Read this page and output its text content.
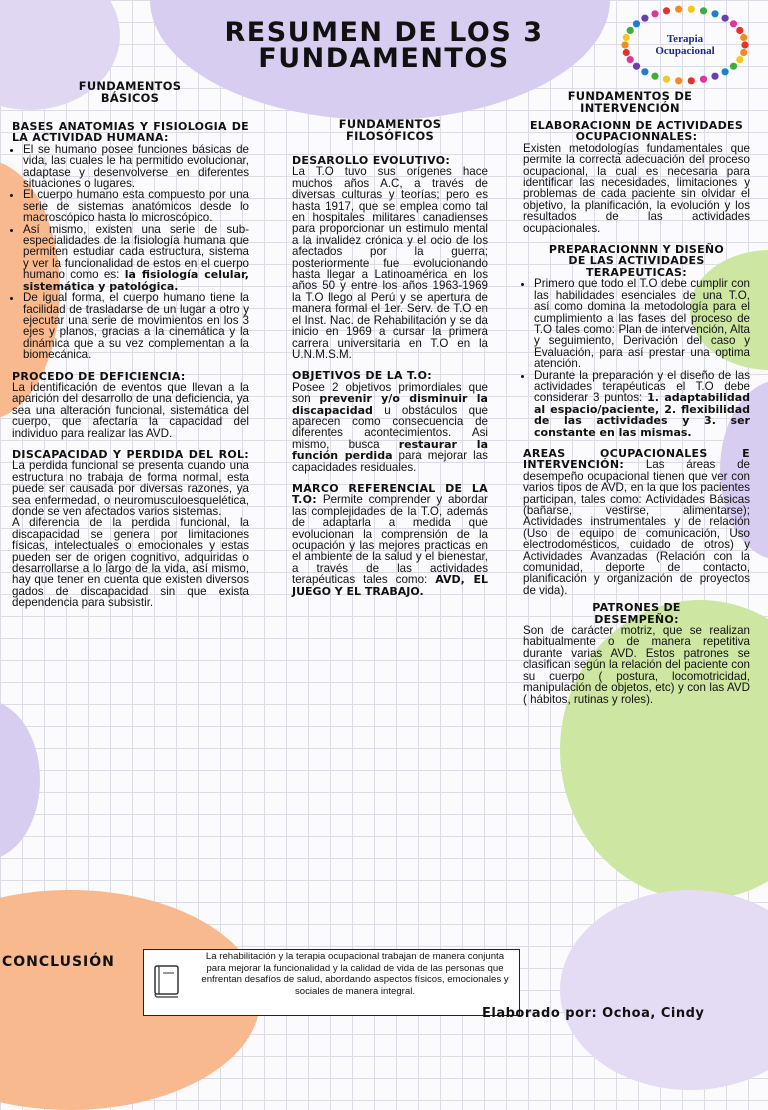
RESUMEN DE LOS 3
FUNDAMENTOS
Terapia
Ocupacional
FUNDAMENTOS
BÁSICOS
FUNDAMENTOS
FILOSÓFICOS
FUNDAMENTOS DE
INTERVENCIÓN

BASES ANATOMIAS Y FISIOLOGIA DE LA ACTIVIDAD HUMANA:

• El se humano posee funciones básicas de vida, las cuales le ha permitido evolucionar, adaptase y desenvolverse en diferentes situaciones o lugares.
• El cuerpo humano esta compuesto por una serie de sistemas anatómicos desde lo macroscópico hasta lo microscópico.
• Así mismo, existen una serie de sub-especialidades de la fisiología humana que permiten estudiar cada estructura, sistema y ver la funcionalidad de estos en el cuerpo humano como es: la fisiología celular, sistemática y patológica.
• De igual forma, el cuerpo humano tiene la facilidad de trasladarse de un lugar a otro y ejecutar una serie de movimientos en los 3 ejes y planos, gracias a la cinemática y la dinámica que a su vez complementan a la biomecánica.

PROCEDO DE DEFICIENCIA:

La identificación de eventos que llevan a la aparición del desarrollo de una deficiencia, ya sea una alteración funcional, sistemática del cuerpo, que afectaría la capacidad del individuo para realizar las AVD.

DISCAPACIDAD Y PERDIDA DEL ROL: La perdida funcional se presenta cuando una estructura no trabaja de forma normal, esta puede ser causada por diversas razones, ya sea enfermedad, o neuromusculoesquelética, donde se ven afectados varios sistemas.

A diferencia de la perdida funcional, la discapacidad se genera por limitaciones físicas, intelectuales o emocionales y estas pueden ser de origen cognitivo, adquiridas o desarrollarse a lo largo de la vida, así mismo, hay que tener en cuenta que existen diversos gados de discapacidad sin que exista dependencia para subsistir.

DESAROLLO EVOLUTIVO:

La T.O tuvo sus orígenes hace muchos años A.C, a través de diversas culturas y teorías; pero es hasta 1917, que se emplea como tal en hospitales militares canadienses para proporcionar un estimulo mental a la invalidez crónica y el ocio de los afectados por la guerra; posteriormente fue evolucionando hasta llegar a Latinoamérica en los años 50 y entre los años 1963-1969 la T.O llego al Perú y se apertura de manera formal el 1er. Serv. de T.O en el Inst. Nac. de Rehabilitación y se da inicio en 1969 a cursar la primera carrera universitaria en T.O en la U.N.M.S.M.

OBJETIVOS DE LA T.O:

Posee 2 objetivos primordiales que son prevenir y/o disminuir la discapacidad u obstáculos que aparecen como consecuencia de diferentes acontecimientos. Asi mismo, busca restaurar la función perdida para mejorar las capacidades residuales.

MARCO REFERENCIAL DE LA T.O: Permite comprender y abordar las complejidades de la T.O, además de adaptarla a medida que evolucionan la comprensión de la ocupación y las mejores practicas en el ambiente de la salud y el bienestar, a través de las actividades terapéuticas tales como: AVD, EL JUEGO Y EL TRABAJO.

ELABORACIONN DE ACTIVIDADES OCUPACIONNALES:

Existen metodologías fundamentales que permite la correcta adecuación del proceso ocupacional, la cual es necesaria para identificar las necesidades, limitaciones y problemas de cada paciente sin olvidar el objetivo, la planificación, la evolución y los resultados de las actividades ocupacionales.

PREPARACIONNN Y DISEÑO DE LAS ACTIVIDADES TERAPEUTICAS:

• Primero que todo el T.O debe cumplir con las habilidades esenciales de una T.O, así como domina la metodología para el cumplimiento a las fases del proceso de T.O tales como: Plan de intervención, Alta y seguimiento, Derivación del caso y Evaluación, para así prestar una optima atención.
• Durante la preparación y el diseño de las actividades terapéuticas el T.O debe considerar 3 puntos: 1. adaptabilidad al espacio/paciente, 2. flexibilidad de las actividades y 3. ser constante en las mismas.

AREAS OCUPACIONALES E INTERVENCIÓN: Las áreas de desempeño ocupacional tienen que ver con varios tipos de AVD, en la que los pacientes participan, tales como: Actividades Básicas (bañarse, vestirse, alimentarse); Actividades instrumentales y de relación (Uso de equipo de comunicación, Uso electrodomésticos, cuidado de otros) y Actividades Avanzadas (Relación con la comunidad, deporte de contacto, planificación y organización de proyectos de vida).

PATRONES DE DESEMPEÑO:

Son de carácter motriz, que se realizan habitualmente o de manera repetitiva durante varias AVD. Estos patrones se clasifican según la relación del paciente con su cuerpo ( postura, locomotricidad, manipulación de objetos, etc) y con las AVD ( hábitos, rutinas y roles).

CONCLUSIÓN	La rehabilitación y la terapia ocupacional trabajan de manera conjunta para mejorar la funcionalidad y la calidad de vida de las personas que enfrentan desafíos de salud, abordando aspectos físicos, emocionales y sociales de manera integral.
Elaborado por: Ochoa, Cindy
